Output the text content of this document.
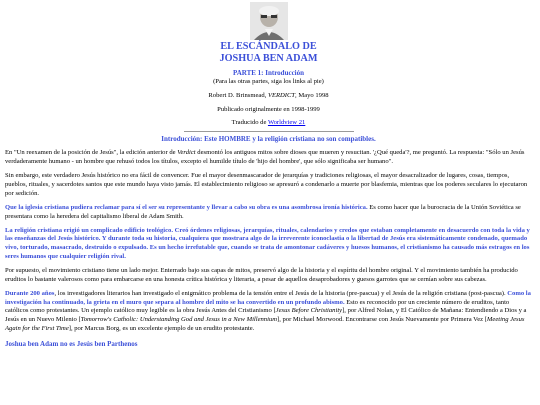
EL ESCÁNDALO DE
JOSHUA BEN ADAM
PARTE 1: Introducción
(Para las otras partes, siga los links al pie)
Robert D. Brinsmead, VERDICT, Mayo 1998
Publicado originalmente en 1998-1999
Traducido de Worldview 21
Introducción: Este HOMBRE y la religión cristiana no son compatibles.

En "Un reexamen de la posición de Jesús", la edición anterior de Verdict desmontó los antiguos mitos sobre dioses que mueren y resucitan. '¿Qué queda'?, me preguntó. La respuesta: "Sólo un Jesús verdaderamente humano - un hombre que rehusó todos los títulos, excepto el humilde título de 'hijo del hombre', que sólo significaba ser humano".

Sin embargo, este verdadero Jesús histórico no era fácil de convencer. Fue el mayor desenmascarador de jerarquías y tradiciones religiosas, el mayor desacralizador de lugares, cosas, tiempos, pueblos, rituales, y sacerdotes santos que este mundo haya visto jamás. El establecimiento religioso se apresuró a condenarlo a muerte por blasfemia, mientras que los poderes seculares lo ejecutaron por sedición.

Que la iglesia cristiana pudiera reclamar para sí el ser su representante y llevar a cabo su obra es una asombrosa ironía histórica. Es como hacer que la burocracia de la Unión Soviética se presentara como la heredera del capitalismo liberal de Adam Smith.

La religión cristiana erigió un complicado edificio teológico. Creó órdenes religiosas, jerarquías, rituales, calendarios y credos que estaban completamente en desacuerdo con toda la vida y las enseñanzas del Jesús histórico. Y durante toda su historia, cualquiera que mostrara algo de la irreverente iconoclastia o la libertad de Jesús era sistemáticamente condenado, quemado vivo, torturado, masacrado, destruido o expulsado. Es un hecho irrefutable que, cuando se trata de amontonar cadáveres y huesos humanos, el cristianismo ha causado más estragos en los seres humanos que cualquier religión rival.

Por supuesto, el movimiento cristiano tiene un lado mejor. Enterrado bajo sus capas de mitos, preservó algo de la historia y el espíritu del hombre original. Y el movimiento también ha producido eruditos lo bastante valerosos como para embarcarse en una honesta crítica histórica y literaria, a pesar de aquellos desaprobadores y guesos garrotes que se cernían sobre sus cabezas.

Durante 200 años, los investigadores literarios han investigado el enigmático problema de la tensión entre el Jesús de la historia (pre-pascua) y el Jesús de la religión cristiana (post-pascua). Como la investigación ha continuado, la grieta en el muro que separa al hombre del mito se ha convertido en un profundo abismo. Esto es reconocido por un creciente número de eruditos, tanto católicos como protestantes. Un ejemplo católico muy legible es la obra Jesús Antes del Cristianismo [Jesus Before Christianity], por Alfred Nolan, y El Católico de Mañana: Entendiendo a Dios y a Jesús en un Nuevo Milenio [Tomorrow's Catholic: Understanding God and Jesus in a New Millennium], por Michael Morwood. Encontrarse con Jesús Nuevamente por Primera Vez [Meeting Jesus Again for the First Time], por Marcus Borg, es un excelente ejemplo de un erudito protestante.

Joshua ben Adam no es Jesús ben Parthenos
